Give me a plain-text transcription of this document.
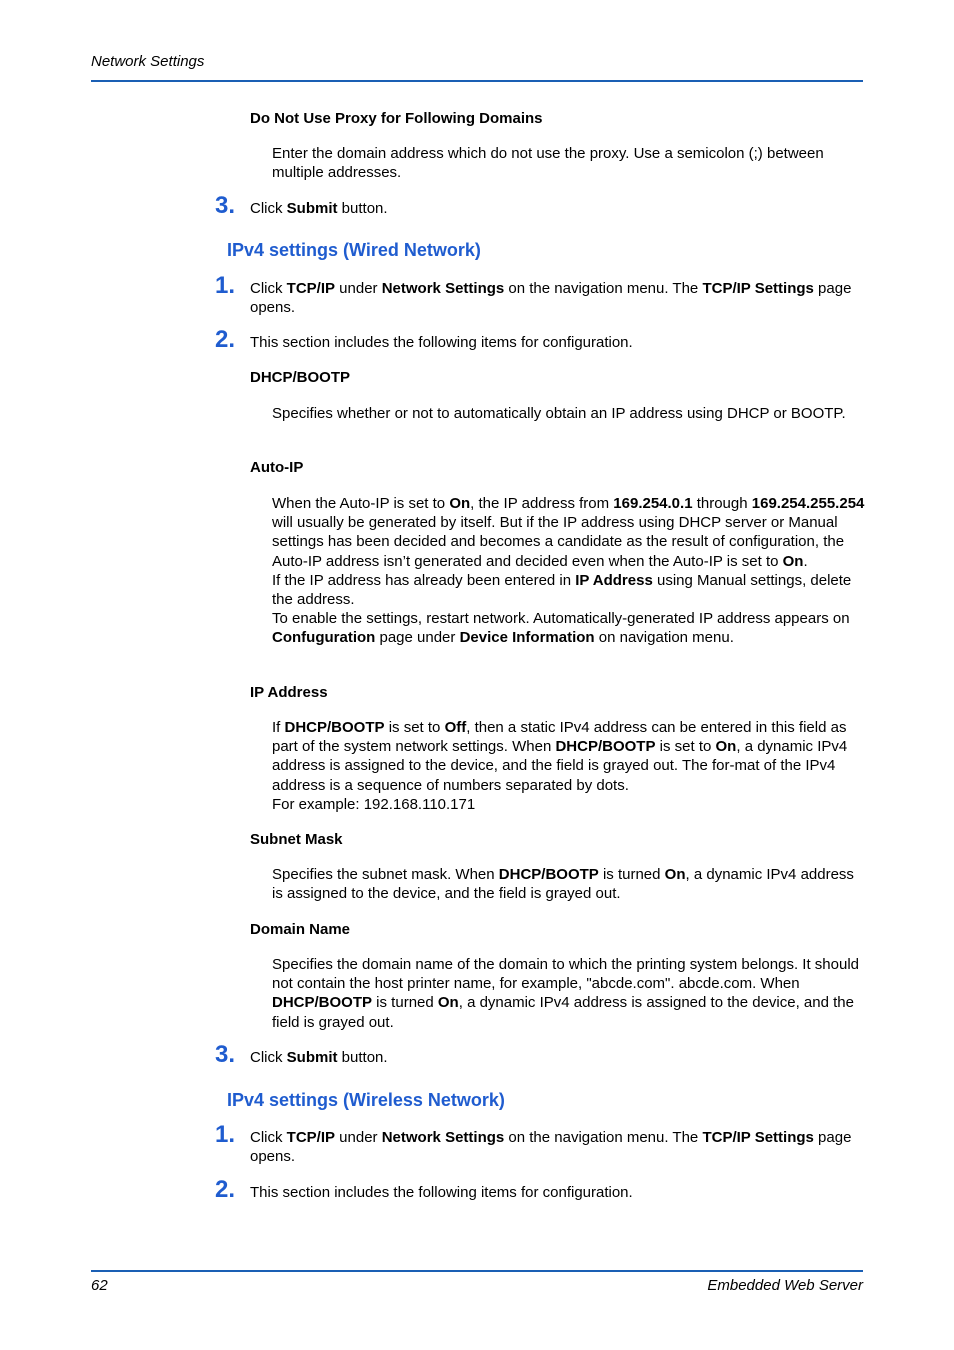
Network Settings
Do Not Use Proxy for Following Domains
Enter the domain address which do not use the proxy. Use a semicolon (;) between multiple addresses.
3. Click Submit button.
IPv4 settings (Wired Network)
1. Click TCP/IP under Network Settings on the navigation menu. The TCP/IP Settings page opens.
2. This section includes the following items for configuration.
DHCP/BOOTP
Specifies whether or not to automatically obtain an IP address using DHCP or BOOTP.
Auto-IP
When the Auto-IP is set to On, the IP address from 169.254.0.1 through 169.254.255.254 will usually be generated by itself. But if the IP address using DHCP server or Manual settings has been decided and becomes a candidate as the result of configuration, the Auto-IP address isn’t generated and decided even when the Auto-IP is set to On.
If the IP address has already been entered in IP Address using Manual settings, delete the address.
To enable the settings, restart network. Automatically-generated IP address appears on Confuguration page under Device Information on navigation menu.
IP Address
If DHCP/BOOTP is set to Off, then a static IPv4 address can be entered in this field as part of the system network settings. When DHCP/BOOTP is set to On, a dynamic IPv4 address is assigned to the device, and the field is grayed out. The for-mat of the IPv4 address is a sequence of numbers separated by dots.
For example: 192.168.110.171
Subnet Mask
Specifies the subnet mask. When DHCP/BOOTP is turned On, a dynamic IPv4 address is assigned to the device, and the field is grayed out.
Domain Name
Specifies the domain name of the domain to which the printing system belongs. It should not contain the host printer name, for example, "abcde.com". abcde.com. When DHCP/BOOTP is turned On, a dynamic IPv4 address is assigned to the device, and the field is grayed out.
3. Click Submit button.
IPv4 settings (Wireless Network)
1. Click TCP/IP under Network Settings on the navigation menu. The TCP/IP Settings page opens.
2. This section includes the following items for configuration.
62	Embedded Web Server
